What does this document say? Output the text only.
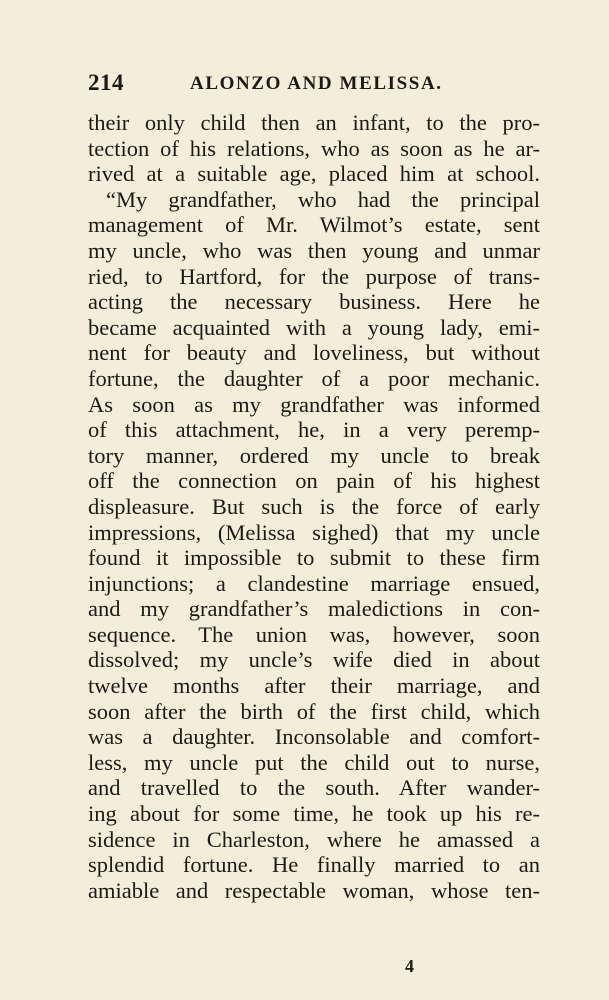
214	ALONZO AND MELISSA.
their only child then an infant, to the pro-
tection of his relations, who as soon as he ar-
rived at a suitable age, placed him at school.
“My grandfather, who had the principal
management of Mr. Wilmot’s estate, sent
my uncle, who was then young and unmar
ried, to Hartford, for the purpose of trans-
acting the necessary business. Here he
became acquainted with a young lady, emi-
nent for beauty and loveliness, but without
fortune, the daughter of a poor mechanic.
As soon as my grandfather was informed
of this attachment, he, in a very peremp-
tory manner, ordered my uncle to break
off the connection on pain of his highest
displeasure. But such is the force of early
impressions, (Melissa sighed) that my uncle
found it impossible to submit to these firm
injunctions; a clandestine marriage ensued,
and my grandfather’s maledictions in con-
sequence. The union was, however, soon
dissolved; my uncle’s wife died in about
twelve months after their marriage, and
soon after the birth of the first child, which
was a daughter. Inconsolable and comfort-
less, my uncle put the child out to nurse,
and travelled to the south. After wander-
ing about for some time, he took up his re-
sidence in Charleston, where he amassed a
splendid fortune. He finally married to an
amiable and respectable woman, whose ten-
4
